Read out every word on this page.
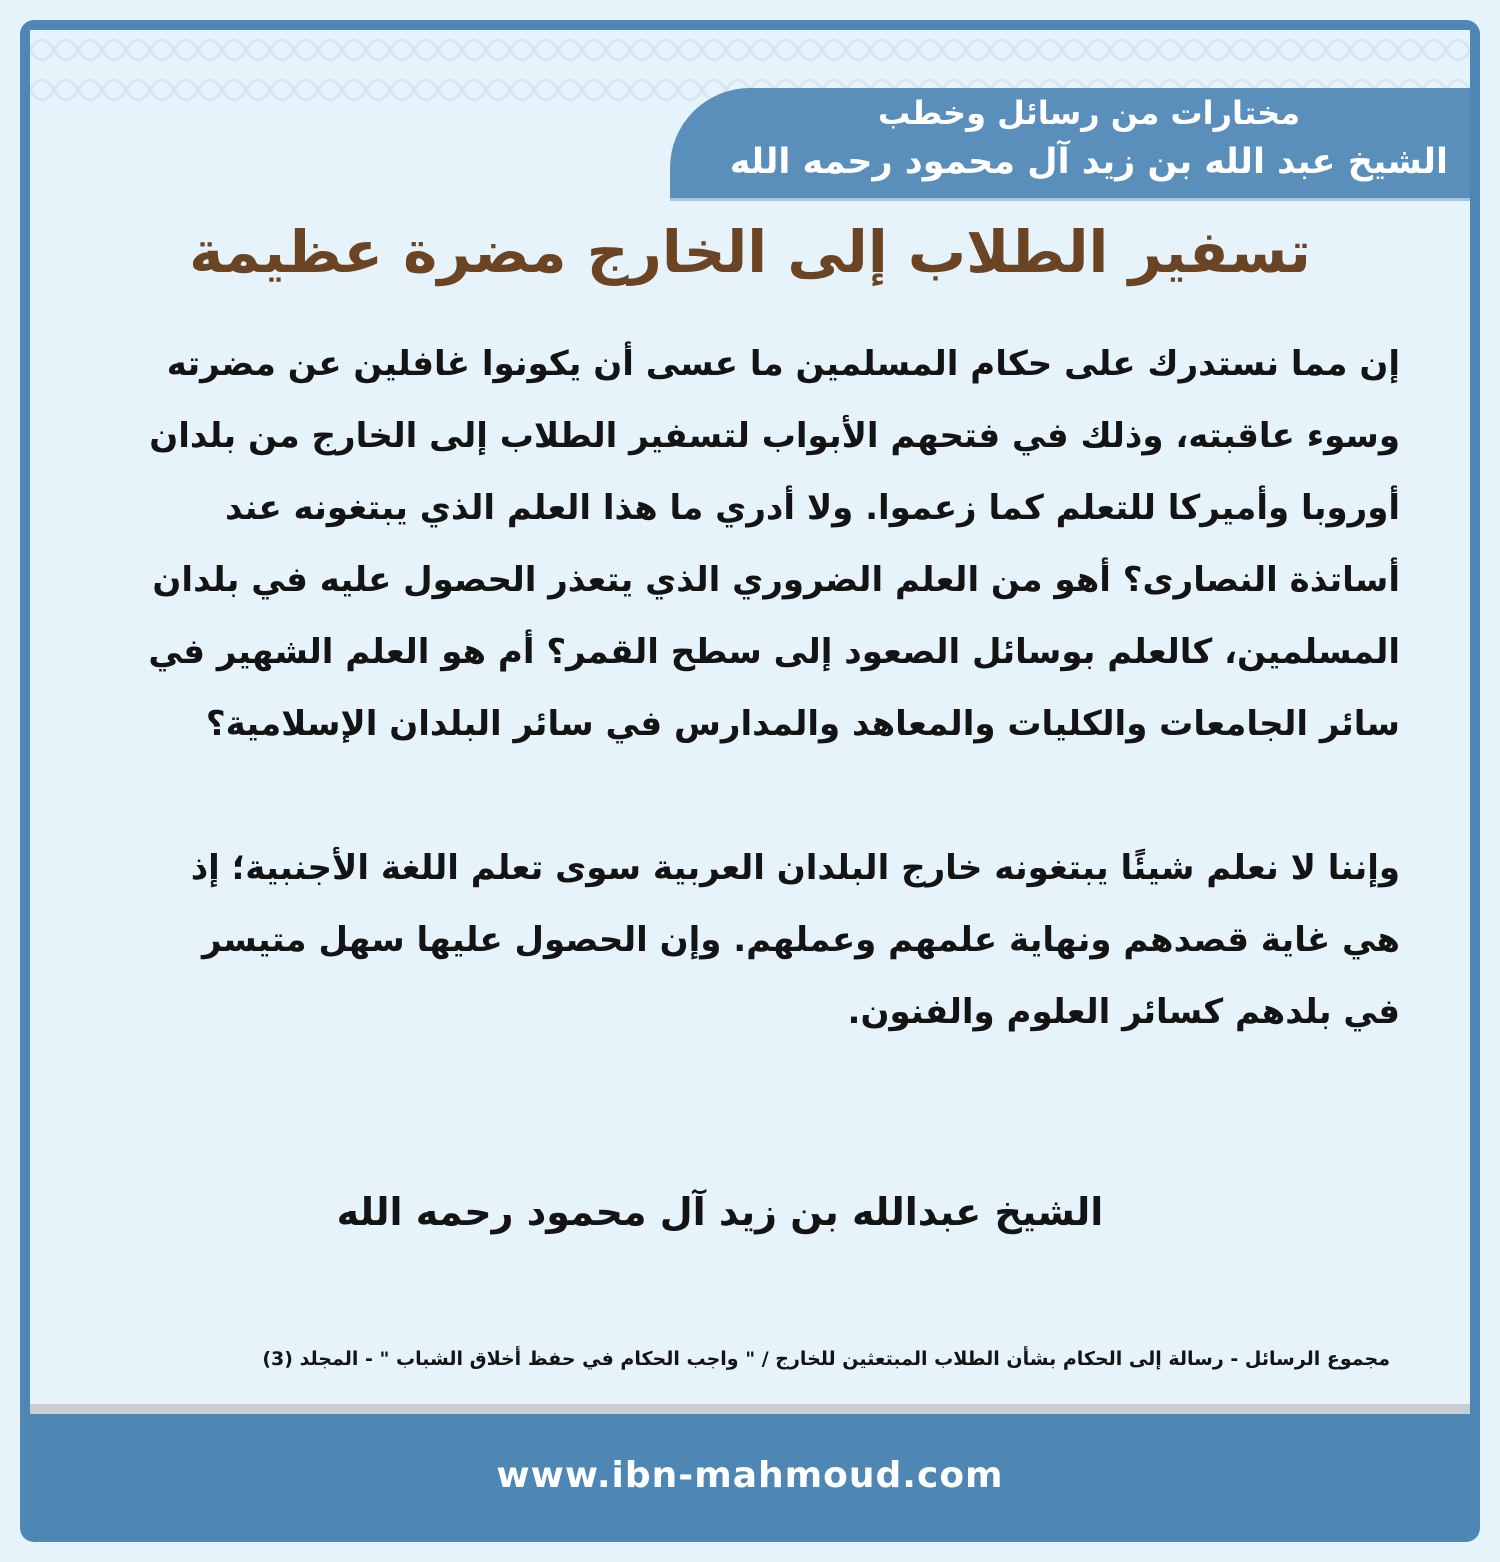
مختارات من رسائل وخطب
الشيخ عبد الله بن زيد آل محمود رحمه الله
تسفير الطلاب إلى الخارج مضرة عظيمة

إن مما نستدرك على حكام المسلمين ما عسى أن يكونوا غافلين عن مضرته وسوء عاقبته، وذلك في فتحهم الأبواب لتسفير الطلاب إلى الخارج من بلدان أوروبا وأميركا للتعلم كما زعموا. ولا أدري ما هذا العلم الذي يبتغونه عند أساتذة النصارى؟ أهو من العلم الضروري الذي يتعذر الحصول عليه في بلدان المسلمين، كالعلم بوسائل الصعود إلى سطح القمر؟ أم هو العلم الشهير في سائر الجامعات والكليات والمعاهد والمدارس في سائر البلدان الإسلامية؟

وإننا لا نعلم شيئًا يبتغونه خارج البلدان العربية سوى تعلم اللغة الأجنبية؛ إذ هي غاية قصدهم ونهاية علمهم وعملهم. وإن الحصول عليها سهل متيسر في بلدهم كسائر العلوم والفنون.

الشيخ عبدالله بن زيد آل محمود رحمه الله
مجموع الرسائل - رسالة إلى الحكام بشأن الطلاب المبتعثين للخارج / " واجب الحكام في حفظ أخلاق الشباب " - المجلد (3)
www.ibn-mahmoud.com
